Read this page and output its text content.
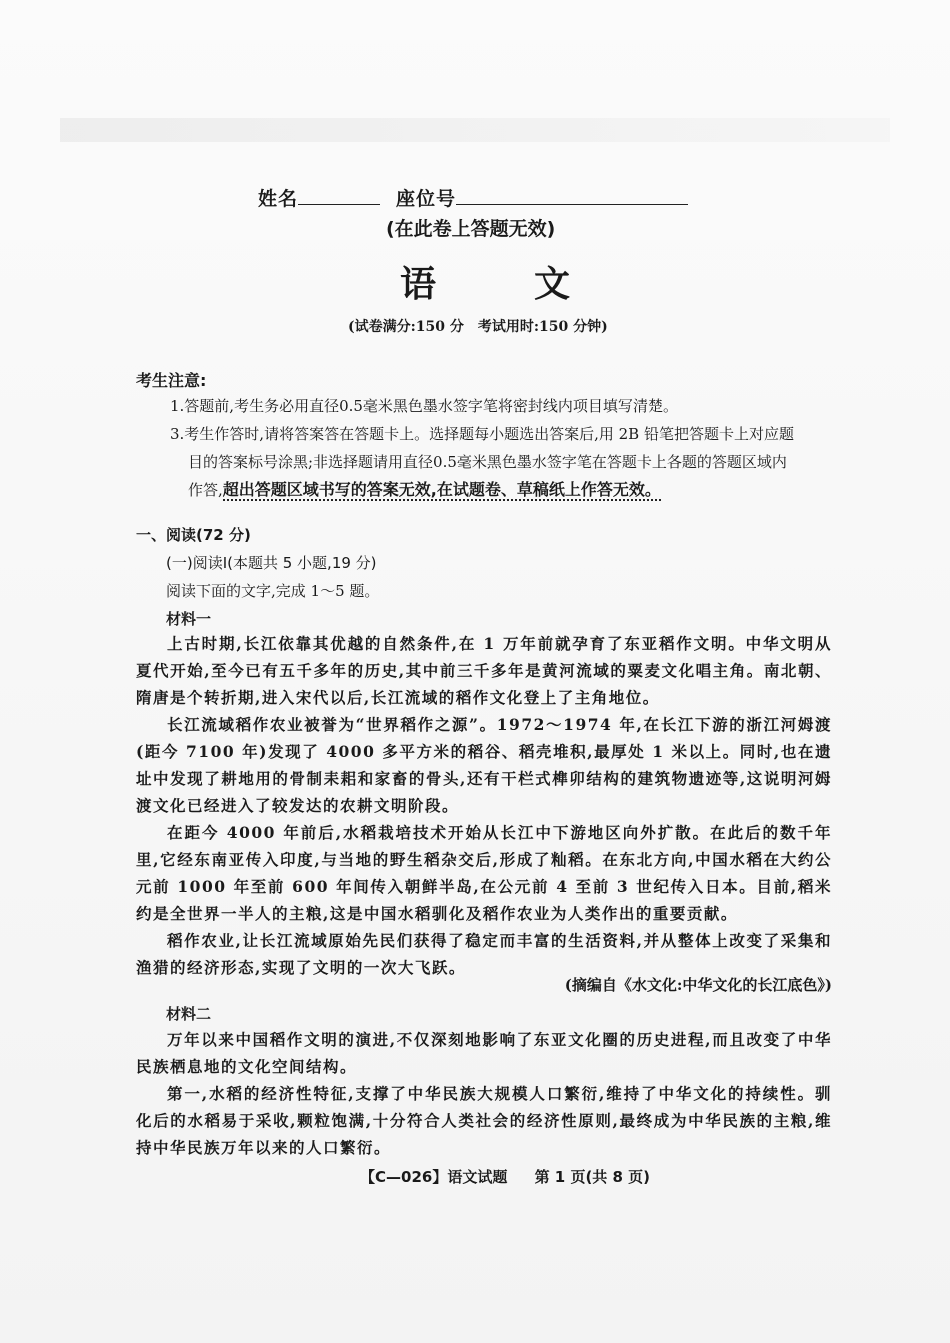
姓名	座位号
(在此卷上答题无效)
语	文
(试卷满分:150 分　考试用时:150 分钟)
考生注意:
1.答题前,考生务必用直径0.5毫米黑色墨水签字笔将密封线内项目填写清楚。
3.考生作答时,请将答案答在答题卡上。选择题每小题选出答案后,用 2B 铅笔把答题卡上对应题
目的答案标号涂黑;非选择题请用直径0.5毫米黑色墨水签字笔在答题卡上各题的答题区域内
作答,超出答题区域书写的答案无效,在试题卷、草稿纸上作答无效。
一、阅读(72 分)
(一)阅读Ⅰ(本题共 5 小题,19 分)
阅读下面的文字,完成 1～5 题。
材料一
上古时期,长江依靠其优越的自然条件,在 1 万年前就孕育了东亚稻作文明。中华文明从夏代开始,至今已有五千多年的历史,其中前三千多年是黄河流域的粟麦文化唱主角。南北朝、隋唐是个转折期,进入宋代以后,长江流域的稻作文化登上了主角地位。
长江流域稻作农业被誉为“世界稻作之源”。1972～1974 年,在长江下游的浙江河姆渡(距今 7100 年)发现了 4000 多平方米的稻谷、稻壳堆积,最厚处 1 米以上。同时,也在遗址中发现了耕地用的骨制耒耜和家畜的骨头,还有干栏式榫卯结构的建筑物遗迹等,这说明河姆渡文化已经进入了较发达的农耕文明阶段。
在距今 4000 年前后,水稻栽培技术开始从长江中下游地区向外扩散。在此后的数千年里,它经东南亚传入印度,与当地的野生稻杂交后,形成了籼稻。在东北方向,中国水稻在大约公元前 1000 年至前 600 年间传入朝鲜半岛,在公元前 4 至前 3 世纪传入日本。目前,稻米约是全世界一半人的主粮,这是中国水稻驯化及稻作农业为人类作出的重要贡献。
稻作农业,让长江流域原始先民们获得了稳定而丰富的生活资料,并从整体上改变了采集和渔猎的经济形态,实现了文明的一次大飞跃。
(摘编自《水文化:中华文化的长江底色》)
材料二
万年以来中国稻作文明的演进,不仅深刻地影响了东亚文化圈的历史进程,而且改变了中华民族栖息地的文化空间结构。
第一,水稻的经济性特征,支撑了中华民族大规模人口繁衍,维持了中华文化的持续性。驯化后的水稻易于采收,颗粒饱满,十分符合人类社会的经济性原则,最终成为中华民族的主粮,维持中华民族万年以来的人口繁衍。
【C—026】语文试题 第 1 页(共 8 页)
